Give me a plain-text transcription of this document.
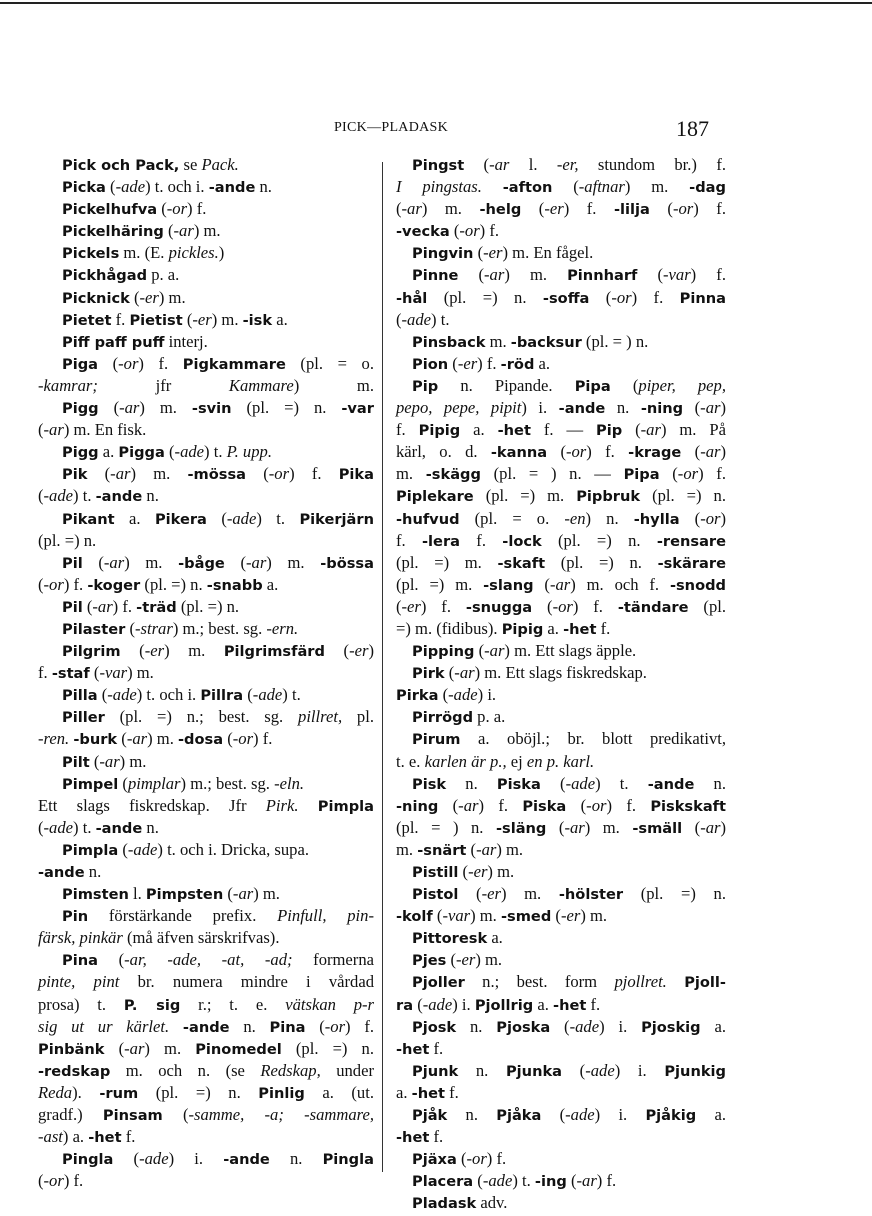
PICK—PLADASK	187
Pick och Pack, se Pack.
Picka (-ade) t. och i. -ande n.
Pickelhufva (-or) f.
Pickelhäring (-ar) m.
Pickels m. (E. pickles.)
Pickhågad p. a.
Picknick (-er) m.
Pietet f. Pietist (-er) m. -isk a.
Piff paff puff interj.
Piga (-or) f. Pigkammare (pl. = o.
-kamrar; jfr Kammare) m.
Pigg (-ar) m. -svin (pl. =) n. -var
(-ar) m. En fisk.
Pigg a. Pigga (-ade) t. P. upp.
Pik (-ar) m. -mössa (-or) f. Pika
(-ade) t. -ande n.
Pikant a. Pikera (-ade) t. Pikerjärn
(pl. =) n.
Pil (-ar) m. -båge (-ar) m. -bössa
(-or) f. -koger (pl. =) n. -snabb a.
Pil (-ar) f. -träd (pl. =) n.
Pilaster (-strar) m.; best. sg. -ern.
Pilgrim (-er) m. Pilgrimsfärd (-er)
f. -staf (-var) m.
Pilla (-ade) t. och i. Pillra (-ade) t.
Piller (pl. =) n.; best. sg. pillret, pl.
-ren. -burk (-ar) m. -dosa (-or) f.
Pilt (-ar) m.
Pimpel (pimplar) m.; best. sg. -eln.
Ett slags fiskredskap. Jfr Pirk. Pimpla
(-ade) t. -ande n.
Pimpla (-ade) t. och i. Dricka, supa.
-ande n.
Pimsten l. Pimpsten (-ar) m.
Pin förstärkande prefix. Pinfull, pin-
färsk, pinkär (må äfven särskrifvas).
Pina (-ar, -ade, -at, -ad; formerna
pinte, pint br. numera mindre i vårdad
prosa) t. P. sig r.; t. e. vätskan p-r
sig ut ur kärlet. -ande n. Pina (-or) f.
Pinbänk (-ar) m. Pinomedel (pl. =) n.
-redskap m. och n. (se Redskap, under
Reda). -rum (pl. =) n. Pinlig a. (ut.
gradf.) Pinsam (-samme, -a; -sammare,
-ast) a. -het f.
Pingla (-ade) i. -ande n. Pingla
(-or) f.
Pingst (-ar l. -er, stundom br.) f.
I pingstas. -afton (-aftnar) m. -dag
(-ar) m. -helg (-er) f. -lilja (-or) f.
-vecka (-or) f.
Pingvin (-er) m. En fågel.
Pinne (-ar) m. Pinnharf (-var) f.
-hål (pl. =) n. -soffa (-or) f. Pinna
(-ade) t.
Pinsback m. -backsur (pl. = ) n.
Pion (-er) f. -röd a.
Pip n. Pipande. Pipa (piper, pep,
pepo, pepe, pipit) i. -ande n. -ning (-ar)
f. Pipig a. -het f. — Pip (-ar) m. På
kärl, o. d. -kanna (-or) f. -krage (-ar)
m. -skägg (pl. = ) n. — Pipa (-or) f.
Piplekare (pl. =) m. Pipbruk (pl. =) n.
-hufvud (pl. = o. -en) n. -hylla (-or)
f. -lera f. -lock (pl. =) n. -rensare
(pl. =) m. -skaft (pl. =) n. -skärare
(pl. =) m. -slang (-ar) m. och f. -snodd
(-er) f. -snugga (-or) f. -tändare (pl.
=) m. (fidibus). Pipig a. -het f.
Pipping (-ar) m. Ett slags äpple.
Pirk (-ar) m. Ett slags fiskredskap.
Pirka (-ade) i.
Pirrögd p. a.
Pirum a. oböjl.; br. blott predikativt,
t. e. karlen är p., ej en p. karl.
Pisk n. Piska (-ade) t. -ande n.
-ning (-ar) f. Piska (-or) f. Piskskaft
(pl. = ) n. -släng (-ar) m. -smäll (-ar)
m. -snärt (-ar) m.
Pistill (-er) m.
Pistol (-er) m. -hölster (pl. =) n.
-kolf (-var) m. -smed (-er) m.
Pittoresk a.
Pjes (-er) m.
Pjoller n.; best. form pjollret. Pjoll-
ra (-ade) i. Pjollrig a. -het f.
Pjosk n. Pjoska (-ade) i. Pjoskig a.
-het f.
Pjunk n. Pjunka (-ade) i. Pjunkig
a. -het f.
Pjåk n. Pjåka (-ade) i. Pjåkig a.
-het f.
Pjäxa (-or) f.
Placera (-ade) t. -ing (-ar) f.
Pladask adv.
